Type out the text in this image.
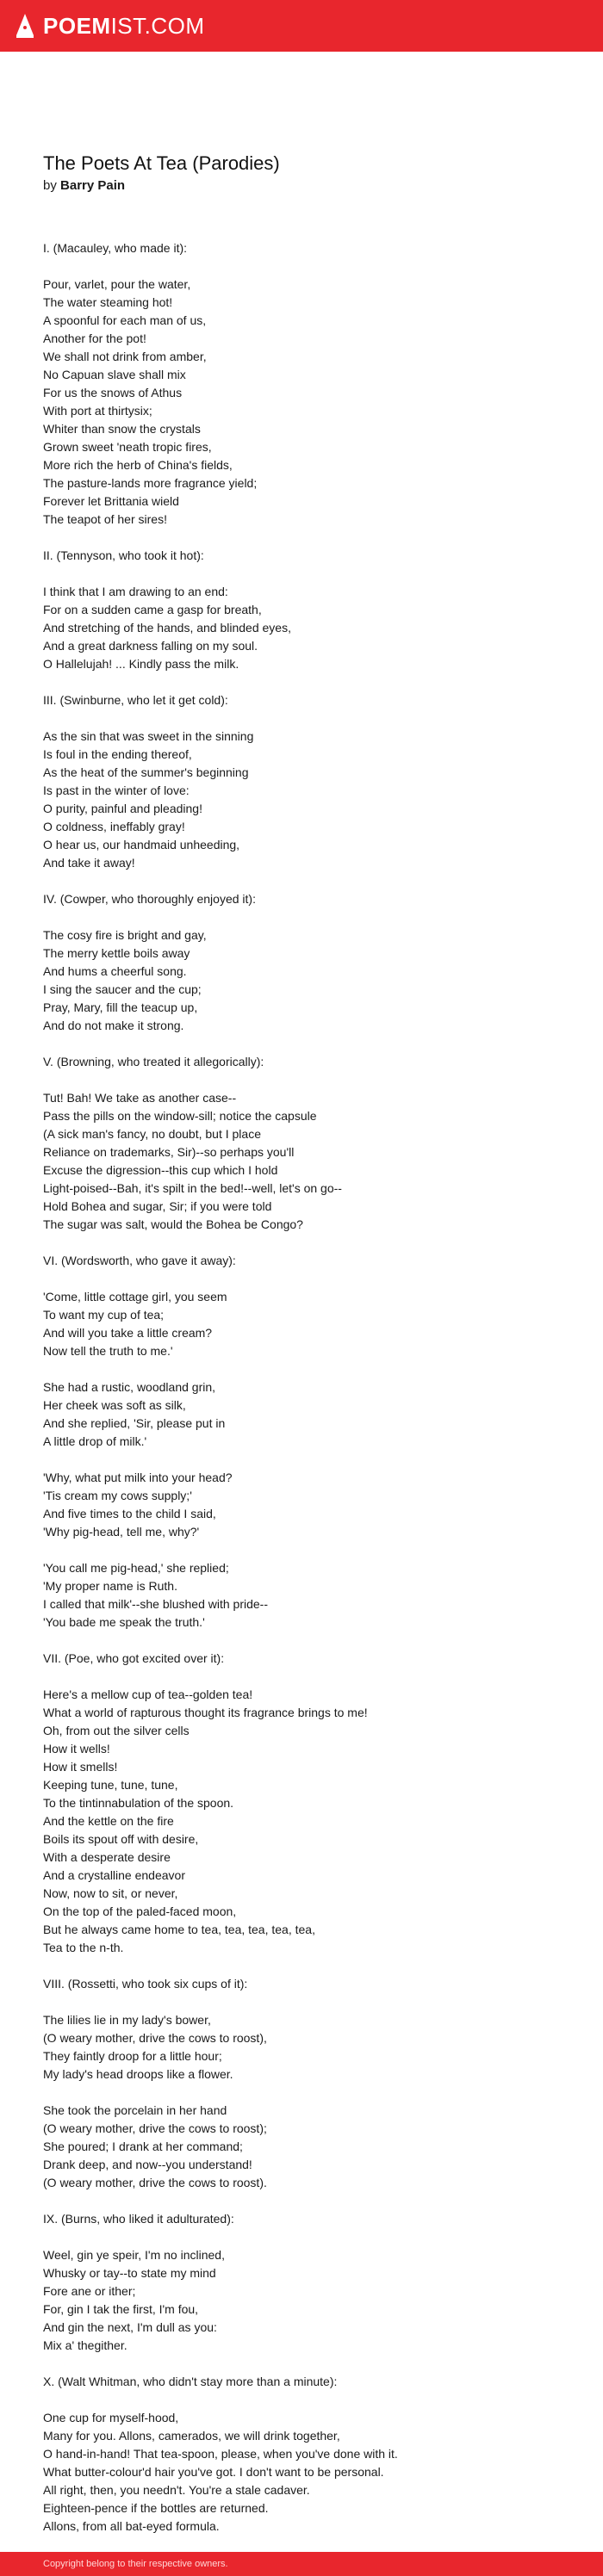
POEMIST.COM
The Poets At Tea (Parodies)
by Barry Pain
I. (Macauley, who made it):

Pour, varlet, pour the water,
The water steaming hot!
A spoonful for each man of us,
Another for the pot!
We shall not drink from amber,
No Capuan slave shall mix
For us the snows of Athus
With port at thirtysix;
Whiter than snow the crystals
Grown sweet 'neath tropic fires,
More rich the herb of China's fields,
The pasture-lands more fragrance yield;
Forever let Brittania wield
The teapot of her sires!

II. (Tennyson, who took it hot):

I think that I am drawing to an end:
For on a sudden came a gasp for breath,
And stretching of the hands, and blinded eyes,
And a great darkness falling on my soul.
O Hallelujah! ... Kindly pass the milk.

III. (Swinburne, who let it get cold):

As the sin that was sweet in the sinning
Is foul in the ending thereof,
As the heat of the summer's beginning
Is past in the winter of love:
O purity, painful and pleading!
O coldness, ineffably gray!
O hear us, our handmaid unheeding,
And take it away!

IV. (Cowper, who thoroughly enjoyed it):

The cosy fire is bright and gay,
The merry kettle boils away
And hums a cheerful song.
I sing the saucer and the cup;
Pray, Mary, fill the teacup up,
And do not make it strong.

V. (Browning, who treated it allegorically):

Tut! Bah! We take as another case--
Pass the pills on the window-sill; notice the capsule
(A sick man's fancy, no doubt, but I place
Reliance on trademarks, Sir)--so perhaps you'll
Excuse the digression--this cup which I hold
Light-poised--Bah, it's spilt in the bed!--well, let's on go--
Hold Bohea and sugar, Sir; if you were told
The sugar was salt, would the Bohea be Congo?

VI. (Wordsworth, who gave it away):

'Come, little cottage girl, you seem
To want my cup of tea;
And will you take a little cream?
Now tell the truth to me.'

She had a rustic, woodland grin,
Her cheek was soft as silk,
And she replied, 'Sir, please put in
A little drop of milk.'

'Why, what put milk into your head?
'Tis cream my cows supply;'
And five times to the child I said,
'Why pig-head, tell me, why?'

'You call me pig-head,' she replied;
'My proper name is Ruth.
I called that milk'--she blushed with pride--
'You bade me speak the truth.'

VII. (Poe, who got excited over it):

Here's a mellow cup of tea--golden tea!
What a world of rapturous thought its fragrance brings to me!
Oh, from out the silver cells
How it wells!
How it smells!
Keeping tune, tune, tune,
To the tintinnabulation of the spoon.
And the kettle on the fire
Boils its spout off with desire,
With a desperate desire
And a crystalline endeavor
Now, now to sit, or never,
On the top of the paled-faced moon,
But he always came home to tea, tea, tea, tea, tea,
Tea to the n-th.

VIII. (Rossetti, who took six cups of it):

The lilies lie in my lady's bower,
(O weary mother, drive the cows to roost),
They faintly droop for a little hour;
My lady's head droops like a flower.

She took the porcelain in her hand
(O weary mother, drive the cows to roost);
She poured; I drank at her command;
Drank deep, and now--you understand!
(O weary mother, drive the cows to roost).

IX. (Burns, who liked it adulturated):

Weel, gin ye speir, I'm no inclined,
Whusky or tay--to state my mind
Fore ane or ither;
For, gin I tak the first, I'm fou,
And gin the next, I'm dull as you:
Mix a' thegither.

X. (Walt Whitman, who didn't stay more than a minute):

One cup for myself-hood,
Many for you. Allons, camerados, we will drink together,
O hand-in-hand! That tea-spoon, please, when you've done with it.
What butter-colour'd hair you've got. I don't want to be personal.
All right, then, you needn't. You're a stale cadaver.
Eighteen-pence if the bottles are returned.
Allons, from all bat-eyed formula.
Copyright belong to their respective owners.
